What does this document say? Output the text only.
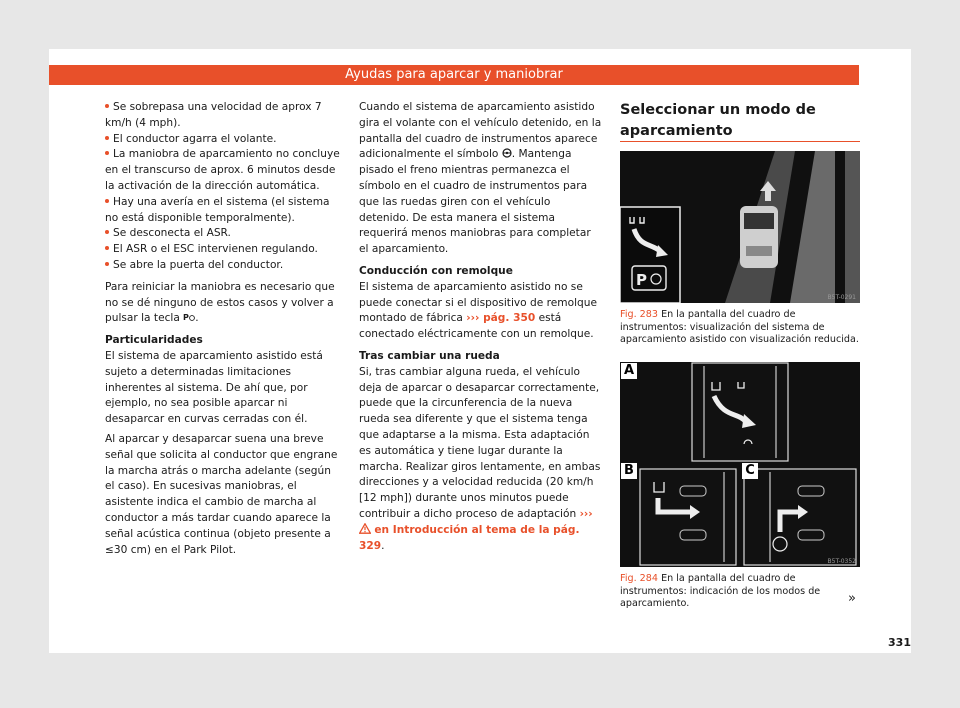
Ayudas para aparcar y maniobrar

Se sobrepasa una velocidad de aprox 7 km/h (4 mph).

El conductor agarra el volante.

La maniobra de aparcamiento no concluye en el transcurso de aprox. 6 minutos desde la activación de la dirección automática.

Hay una avería en el sistema (el sistema no está disponible temporalmente).

Se desconecta el ASR.

El ASR o el ESC intervienen regulando.

Se abre la puerta del conductor.

Para reiniciar la maniobra es necesario que no se dé ninguno de estos casos y volver a pulsar la tecla P .

Particularidades

El sistema de aparcamiento asistido está sujeto a determinadas limitaciones inherentes al sistema. De ahí que, por ejemplo, no sea posible aparcar ni desaparcar en curvas cerradas con él.

Al aparcar y desaparcar suena una breve señal que solicita al conductor que engrane la marcha atrás o marcha adelante (según el caso). En sucesivas maniobras, el asistente indica el cambio de marcha al conductor a más tardar cuando aparece la señal acústica continua (objeto presente a ≤30 cm) en el Park Pilot.

Cuando el sistema de aparcamiento asistido gira el volante con el vehículo detenido, en la pantalla del cuadro de instrumentos aparece adicionalmente el símbolo . Mantenga pisado el freno mientras permanezca el símbolo en el cuadro de instrumentos para que las ruedas giren con el vehículo detenido. De esta manera el sistema requerirá menos maniobras para completar el aparcamiento.

Conducción con remolque

El sistema de aparcamiento asistido no se puede conectar si el dispositivo de remolque montado de fábrica ››› pág. 350 está conectado eléctricamente con un remolque.

Tras cambiar una rueda

Si, tras cambiar alguna rueda, el vehículo deja de aparcar o desaparcar correctamente, puede que la circunferencia de la nueva rueda sea diferente y que el sistema tenga que adaptarse a la misma. Esta adaptación es automática y tiene lugar durante la marcha. Realizar giros lentamente, en ambas direcciones y a velocidad reducida (20 km/h [12 mph]) durante unos minutos puede contribuir a dicho proceso de adaptación ›››  en Introducción al tema de la pág. 329.

Seleccionar un modo de aparcamiento
P
B5T-0291
Fig. 283 En la pantalla del cuadro de instrumentos: visualización del sistema de aparcamiento asistido con visualización reducida.
A
B	C
B5T-0352
Fig. 284 En la pantalla del cuadro de instrumentos: indicación de los modos de aparcamiento.	»
331
